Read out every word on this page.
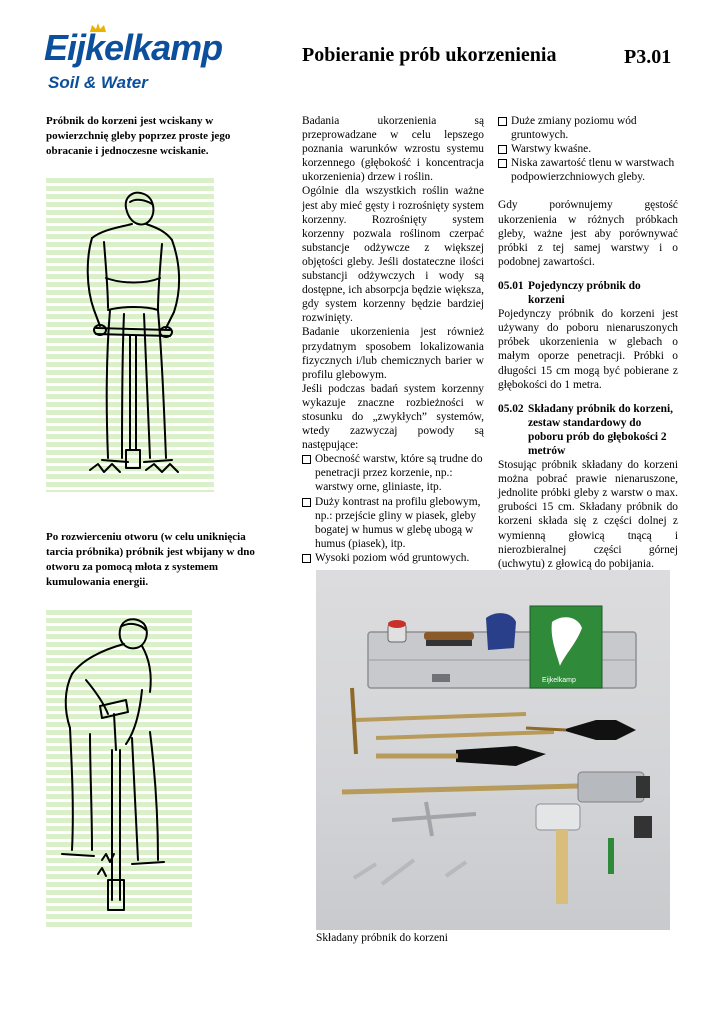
Eijkelkamp
Soil & Water
Pobieranie prób ukorzenienia	P3.01
Próbnik do korzeni jest wciskany w powierzchnię gleby poprzez proste jego obracanie i jednoczesne wciskanie.
Po rozwierceniu otworu (w celu uniknięcia tarcia próbnika) próbnik jest wbijany w dno otworu za pomocą młota z systemem kumulowania energii.

Badania ukorzenienia są przeprowadzane w celu lepszego poznania warunków wzrostu systemu korzennego (głębokość i koncentracja ukorzenienia) drzew i roślin.

Ogólnie dla wszystkich roślin ważne jest aby mieć gęsty i rozrośnięty system korzenny. Rozrośnięty system korzenny pozwala roślinom czerpać substancje odżywcze z większej objętości gleby. Jeśli dostateczne ilości substancji odżywczych i wody są dostępne, ich absorpcja będzie większa, gdy system korzenny będzie bardziej rozwinięty.

Badanie ukorzenienia jest również przydatnym sposobem lokalizowania fizycznych i/lub chemicznych barier w profilu glebowym.

Jeśli podczas badań system korzenny wykazuje znaczne rozbieżności w stosunku do „zwykłych” systemów, wtedy zazwyczaj powody są następujące:

Obecność warstw, które są trudne do penetracji przez korzenie, np.: warstwy orne, gliniaste, itp.
Duży kontrast na profilu glebowym, np.: przejście gliny w piasek, gleby bogatej w humus w glebę ubogą w humus (piasek), itp.
Wysoki poziom wód gruntowych.
Duże zmiany poziomu wód gruntowych.
Warstwy kwaśne.
Niska zawartość tlenu w warstwach podpowierzchniowych gleby.

Gdy porównujemy gęstość ukorzenienia w różnych próbkach gleby, ważne jest aby porównywać próbki z tej samej warstwy i o podobnej zawartości.

05.01 Pojedynczy próbnik do korzeni

Pojedynczy próbnik do korzeni jest używany do poboru nienaruszonych próbek ukorzenienia w glebach o małym oporze penetracji. Próbki o długości 15 cm mogą być pobierane z głębokości do 1 metra.

05.02 Składany próbnik do korzeni, zestaw standardowy do poboru prób do głębokości 2 metrów

Stosując próbnik składany do korzeni można pobrać prawie nienaruszone, jednolite próbki gleby z warstw o max. grubości 15 cm. Składany próbnik do korzeni składa się z części dolnej z wymienną głowicą tnącą i nierozbieralnej części górnej (uchwytu) z głowicą do pobijania.

Eijkelkamp
Składany próbnik do korzeni
